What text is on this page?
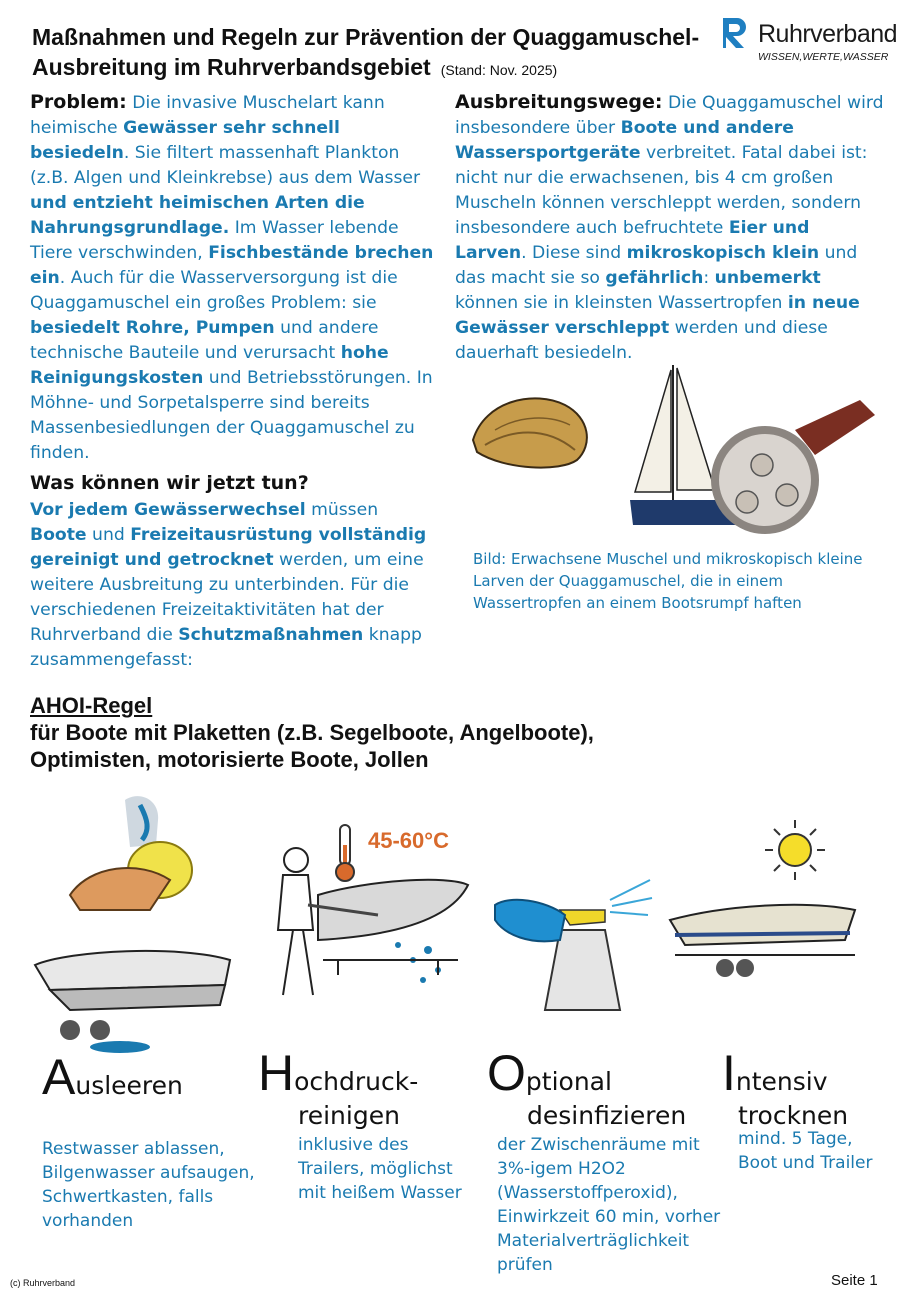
Maßnahmen und Regeln zur Prävention der Quaggamuschel-
Ausbreitung im Ruhrverbandsgebiet (Stand: Nov. 2025)
Ruhrverband
WISSEN,WERTE,WASSER
Problem: Die invasive Muschelart kann heimische Gewässer sehr schnell besiedeln. Sie filtert massenhaft Plankton (z.B. Algen und Kleinkrebse) aus dem Wasser und entzieht heimischen Arten die Nahrungsgrundlage. Im Wasser lebende Tiere verschwinden, Fischbestände brechen ein. Auch für die Wasserversorgung ist die Quaggamuschel ein großes Problem: sie besiedelt Rohre, Pumpen und andere technische Bauteile und verursacht hohe Reinigungskosten und Betriebsstörungen. In Möhne- und Sorpetalsperre sind bereits Massenbesiedlungen der Quaggamuschel zu finden.
Was können wir jetzt tun?
Vor jedem Gewässerwechsel müssen Boote und Freizeitausrüstung vollständig gereinigt und getrocknet werden, um eine weitere Ausbreitung zu unterbinden. Für die verschiedenen Freizeitaktivitäten hat der Ruhrverband die Schutzmaßnahmen knapp zusammengefasst:
Ausbreitungswege: Die Quaggamuschel wird insbesondere über Boote und andere Wassersportgeräte verbreitet. Fatal dabei ist: nicht nur die erwachsenen, bis 4 cm großen Muscheln können verschleppt werden, sondern insbesondere auch befruchtete Eier und Larven. Diese sind mikroskopisch klein und das macht sie so gefährlich: unbemerkt können sie in kleinsten Wassertropfen in neue Gewässer verschleppt werden und diese dauerhaft besiedeln.
Bild: Erwachsene Muschel und mikroskopisch kleine Larven der Quaggamuschel, die in einem Wassertropfen an einem Bootsrumpf haften
AHOI-Regel
für Boote mit Plaketten (z.B. Segelboote, Angelboote),
Optimisten, motorisierte Boote, Jollen
45-60°C
Ausleeren
Restwasser ablassen,
Bilgenwasser aufsaugen,
Schwertkasten, falls
vorhanden
Hochdruck-
reinigen
inklusive des
Trailers, möglichst
mit heißem Wasser
Optional
desinfizieren
der Zwischenräume mit
3%-igem H2O2
(Wasserstoffperoxid),
Einwirkzeit 60 min, vorher
Materialverträglichkeit
prüfen
Intensiv
trocknen
mind. 5 Tage,
Boot und Trailer
(c) Ruhrverband	Seite 1
